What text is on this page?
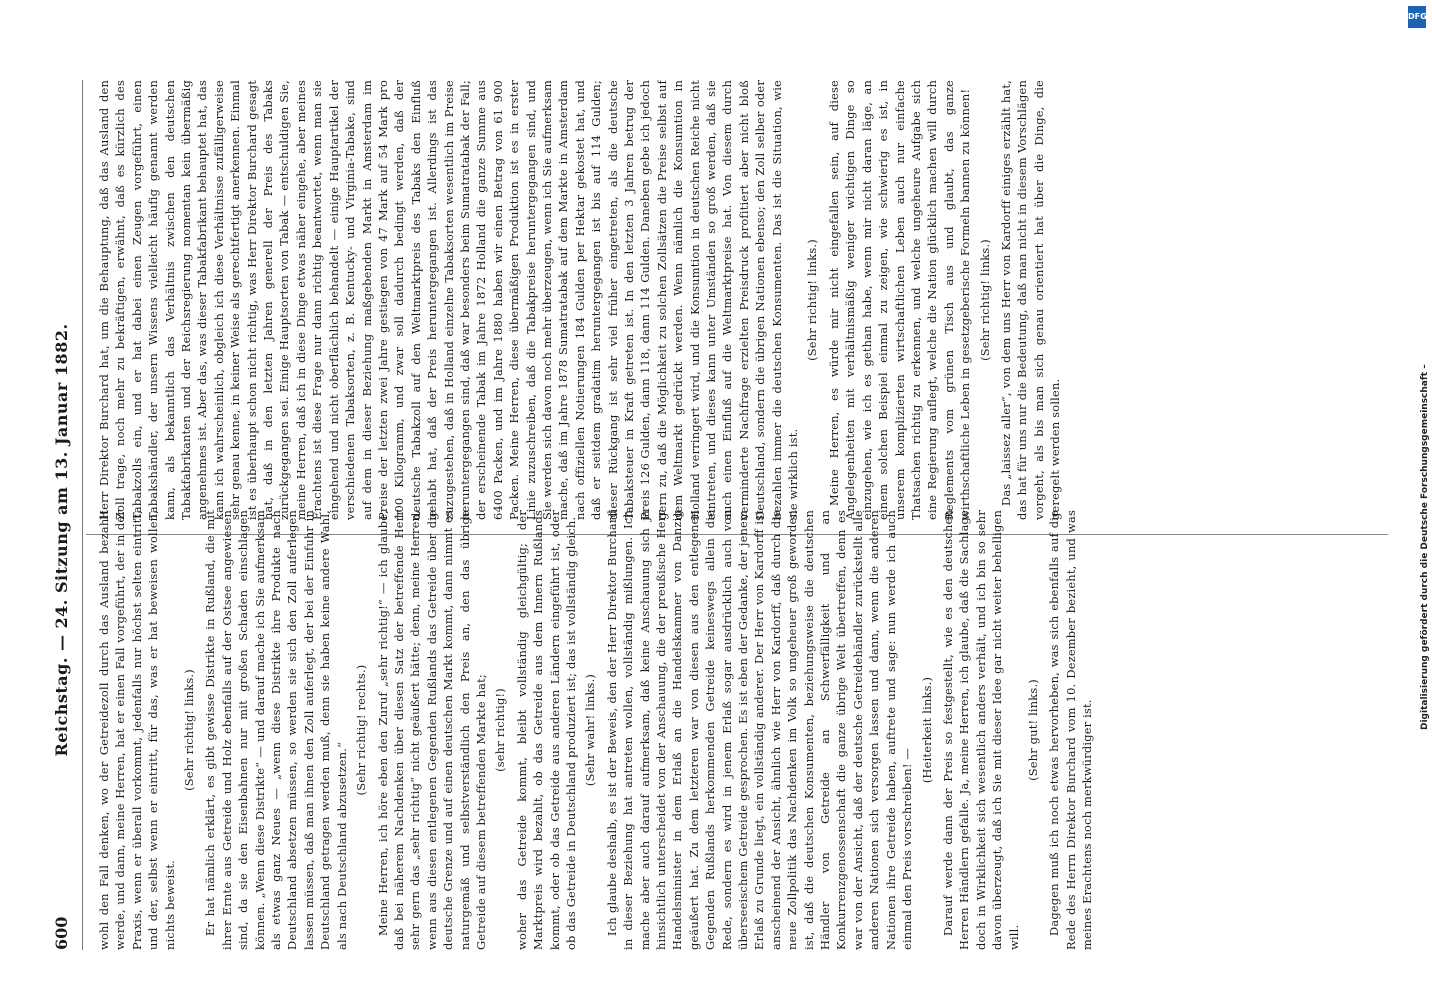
600
Reichstag. — 24. Sitzung am 13. Januar 1882. wohl den Fall denken, wo der Getreidezoll durch das Ausland bezahlt werde, und dann, meine Herren, hat er einen Fall vorgeführt, der in der Praxis, wenn er überall vorkommt, jedenfalls nur höchst selten eintritt, und der, selbst wenn er eintritt, für das, was er hat beweisen wollen, nichts beweist.

(Sehr richtig! links.) Er hat nämlich erklärt, es gibt gewisse Distrikte in Rußland, die mit ihrer Ernte aus Getreide und Holz ebenfalls auf der Ostsee angewiesen sind, da sie den Eisenbahnen nur mit großen Schaden einschlagen können. „Wenn diese Distrikte“ — und darauf mache ich Sie aufmerksam als etwas ganz Neues — „wenn diese Distrikte ihre Produkte nach Deutschland absetzen müssen, so werden sie sich den Zoll auferlegen lassen müssen, daß man ihnen den Zoll auferlegt, der bei der Einfuhr in Deutschland getragen werden muß, denn sie haben keine andere Wahl, als nach Deutschland abzusetzen.“

(Sehr richtig! rechts.) Meine Herren, ich höre eben den Zuruf „sehr richtig!“ — ich glaube, daß bei näherem Nachdenken über diesen Satz der betreffende Herr sehr gern das „sehr richtig“ nicht geäußert hätte; denn, meine Herren, wenn aus diesen entlegenen Gegenden Rußlands das Getreide über die deutsche Grenze und auf einen deutschen Markt kommt, dann nimmt es naturgemäß und selbstverständlich den Preis an, den das übrige Getreide auf diesem betreffenden Markte hat; (sehr richtig!) woher das Getreide kommt, bleibt vollständig gleichgültig; der Marktpreis wird bezahlt, ob das Getreide aus dem Innern Rußlands kommt, oder ob das Getreide aus anderen Ländern eingeführt ist, oder ob das Getreide in Deutschland produziert ist; das ist vollständig gleich. (Sehr wahr! links.) Ich glaube deshalb, es ist der Beweis, den der Herr Direktor Burchard in dieser Beziehung hat antreten wollen, vollständig mißlungen. Ich mache aber auch darauf aufmerksam, daß keine Anschauung sich ja hinsichtlich unterscheidet von der Anschauung, die der preußische Herr Handelsminister in dem Erlaß an die Handelskammer von Danzig geäußert hat. Zu dem letzteren war von diesen aus den entlegenen Gegenden Rußlands herkommenden Getreide keineswegs allein die Rede, sondern es wird in jenem Erlaß sogar ausdrücklich auch von überseeischem Getreide gesprochen. Es ist eben der Gedanke, der jenem Erlaß zu Grunde liegt, ein vollständig anderer. Der Herr von Kardorff ist anscheinend der Ansicht, ähnlich wie Herr von Kardorff, daß durch die neue Zollpolitik das Nachdenken im Volk so ungeheuer groß geworden ist, daß die deutschen Konsumenten, beziehungsweise die deutschen Händler von Getreide an Schwerfälligkeit und an Konkurrenzgenossenschaft die ganze übrige Welt übertreffen, denn es war von der Ansicht, daß der deutsche Getreidehändler zurückstellt alle anderen Nationen sich versorgen lassen und dann, wenn die anderen Nationen ihre Getreide haben, auftrete und sage: nun werde ich auch einmal den Preis vorschreiben! —

(Heiterkeit links.) Darauf werde dann der Preis so festgestellt, wie es den deutschen Herren Händlern gefalle. Ja, meine Herren, ich glaube, daß die Sachlage doch in Wirklichkeit sich wesentlich anders verhält, und ich bin so sehr davon überzeugt, daß ich Sie mit dieser Idee gar nicht weiter behelligen will.

(Sehr gut! links.) Dagegen muß ich noch etwas hervorheben, was sich ebenfalls auf die Rede des Herrn Direktor Burchard vom 10. Dezember bezieht, und was meines Erachtens noch merkwürdiger ist.

Herr Direktor Burchard hat, um die Behauptung, daß das Ausland den Zoll trage, noch mehr zu bekräftigen, erwähnt, daß es kürzlich des Tabakzolls ein, und er hat dabei einen Zeugen vorgeführt, einen Tabakshändler, der unsern Wissens vielleicht häufig genannt werden kann, als bekanntlich das Verhältnis zwischen den deutschen Tabakfabrikanten und der Reichsregierung momentan kein übermäßig angenehmes ist. Aber das, was dieser Tabakfabrikant behauptet hat, das kann ich wahrscheinlich, obgleich ich diese Verhältnisse zufälligerweise sehr genau kenne, in keiner Weise als gerechtfertigt anerkennen. Einmal ist es überhaupt schon nicht richtig, was Herr Direktor Burchard gesagt hat, daß in den letzten Jahren generell der Preis des Tabaks zurückgegangen sei. Einige Hauptsorten von Tabak — entschuldigen Sie, meine Herren, daß ich in diese Dinge etwas näher eingehe, aber meines Erachtens ist diese Frage nur dann richtig beantwortet, wenn man sie eingehend und nicht oberflächlich behandelt — einige Hauptartikel der verschiedenen Tabaksorten, z. B. Kentucky- und Virginia-Tabake, sind auf dem in dieser Beziehung maßgebenden Markt in Amsterdam im Preise der letzten zwei Jahre gestiegen von 47 Mark auf 54 Mark pro 100 Kilogramm, und zwar soll dadurch bedingt werden, daß der deutsche Tabakzoll auf den Weltmarktpreis des Tabaks den Einfluß gehabt hat, daß der Preis heruntergegangen ist. Allerdings ist das zuzugestehen, daß in Holland einzelne Tabaksorten wesentlich im Preise heruntergegangen sind, daß war besonders beim Sumatratabak der Fall; der erscheinende Tabak im Jahre 1872 Holland die ganze Summe aus 6400 Packen, und im Jahre 1880 haben wir einen Betrag von 61 900 Packen. Meine Herren, diese übermäßigen Produktion ist es in erster Linie zuzuschreiben, daß die Tabakpreise heruntergegangen sind, und Sie werden sich davon noch mehr überzeugen, wenn ich Sie aufmerksam mache, daß im Jahre 1878 Sumatratabak auf dem Markte in Amsterdam nach offiziellen Notierungen 184 Gulden per Hektar gekostet hat, und daß er seitdem gradatim heruntergegangen ist bis auf 114 Gulden; dieser Rückgang ist sehr viel früher eingetreten, als die deutsche Tabaksteuer in Kraft getreten ist. In den letzten 3 Jahren betrug der Preis 126 Gulden, dann 118, dann 114 Gulden. Daneben gebe ich jedoch gern zu, daß die Möglichkeit zu solchen Zollsätzen die Preise selbst auf dem Weltmarkt gedrückt werden. Wenn nämlich die Konsumtion in Holland verringert wird, und die Konsumtion in deutschen Reiche nicht eintreten, und dieses kann unter Umständen so groß werden, daß sie auch einen Einfluß auf die Weltmarktpreise hat. Von diesem durch verminderte Nachfrage erzielten Preisdruck profitiert aber nicht bloß Deutschland, sondern die übrigen Nationen ebenso; den Zoll selber oder bezahlen immer die deutschen Konsumenten. Das ist die Situation, wie sie wirklich ist.

(Sehr richtig! links.) Meine Herren, es würde mir nicht eingefallen sein, auf diese Angelegenheiten mit verhältnismäßig weniger wichtigen Dinge so einzugehen, wie ich es gethan habe, wenn mir nicht daran läge, an einem solchen Beispiel einmal zu zeigen, wie schwierig es ist, in unserem komplizierten wirtschaftlichen Leben auch nur einfache Thatsachen richtig zu erkennen, und welche ungeheure Aufgabe sich eine Regierung auflegt, welche die Nation glücklich machen will durch Reglements vom grünen Tisch aus und glaubt, das ganze wirthschaftliche Leben in gesetzgeberische Formeln bannen zu können! (Sehr richtig! links.) Das „laissez aller“, von dem uns Herr von Kardorff einiges erzählt hat, das hat für uns nur die Bedeutung, daß man nicht in diesem Vorschlägen vorgeht, als bis man sich genau orientiert hat über die Dinge, die geregelt werden sollen.

DFG
Digitalisierung gefördert durch die Deutsche Forschungsgemeinschaft –
